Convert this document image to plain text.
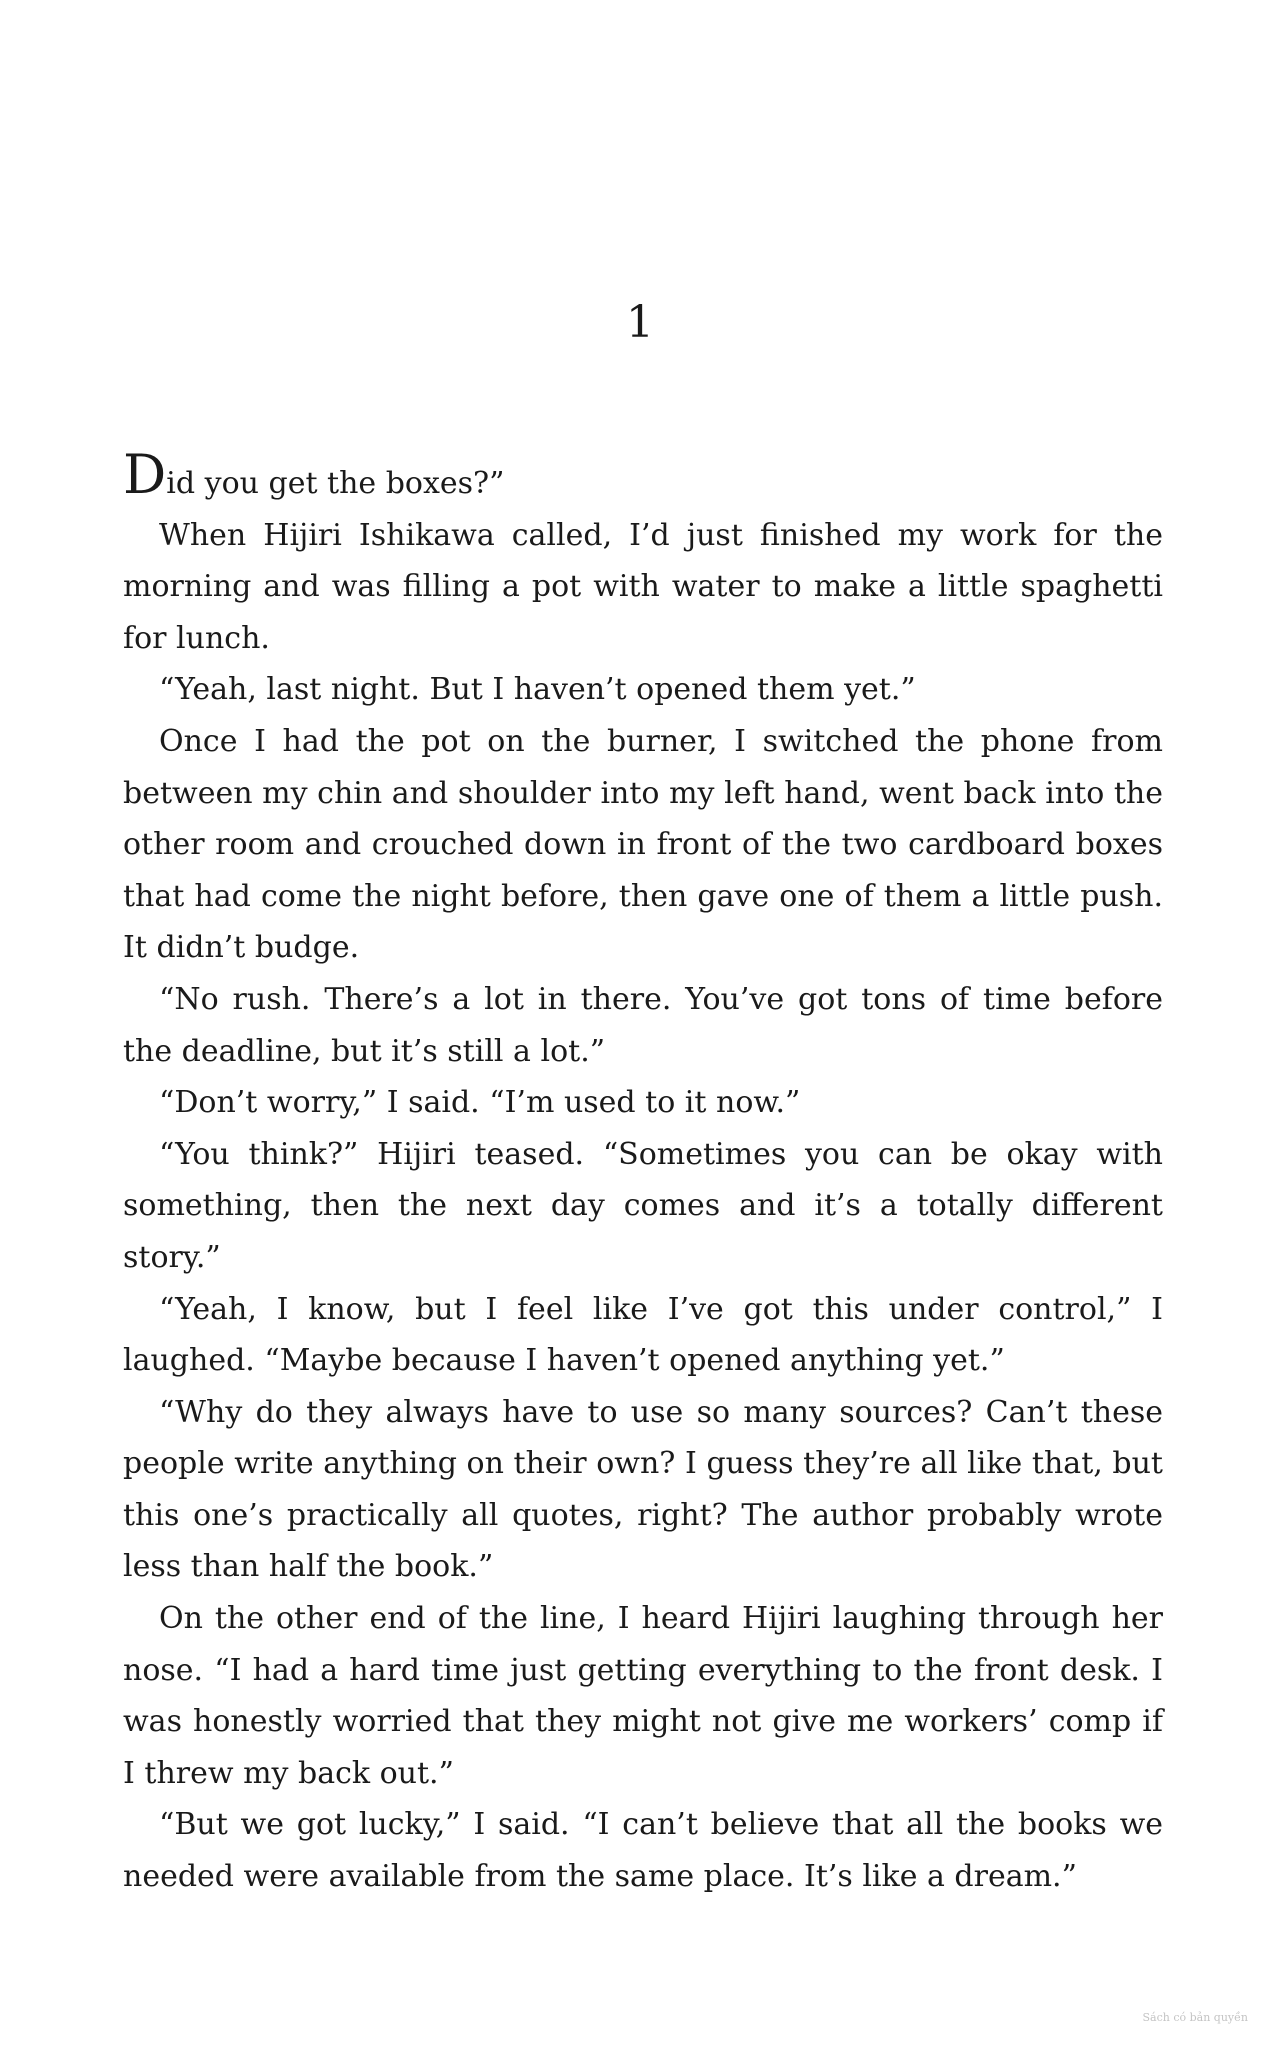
1

Did you get the boxes?”

When Hijiri Ishikawa called, I’d just finished my work for the morning and was filling a pot with water to make a little spaghetti for lunch.

“Yeah, last night. But I haven’t opened them yet.”

Once I had the pot on the burner, I switched the phone from between my chin and shoulder into my left hand, went back into the other room and crouched down in front of the two cardboard boxes that had come the night before, then gave one of them a little push. It didn’t budge.

“No rush. There’s a lot in there. You’ve got tons of time before the deadline, but it’s still a lot.”

“Don’t worry,” I said. “I’m used to it now.”

“You think?” Hijiri teased. “Sometimes you can be okay with something, then the next day comes and it’s a totally different story.”

“Yeah, I know, but I feel like I’ve got this under control,” I laughed. “Maybe because I haven’t opened anything yet.”

“Why do they always have to use so many sources? Can’t these people write anything on their own? I guess they’re all like that, but this one’s practically all quotes, right? The author probably wrote less than half the book.”

On the other end of the line, I heard Hijiri laughing through her nose. “I had a hard time just getting everything to the front desk. I was honestly worried that they might not give me workers’ comp if I threw my back out.”

“But we got lucky,” I said. “I can’t believe that all the books we needed were available from the same place. It’s like a dream.”

Sách có bản quyền
